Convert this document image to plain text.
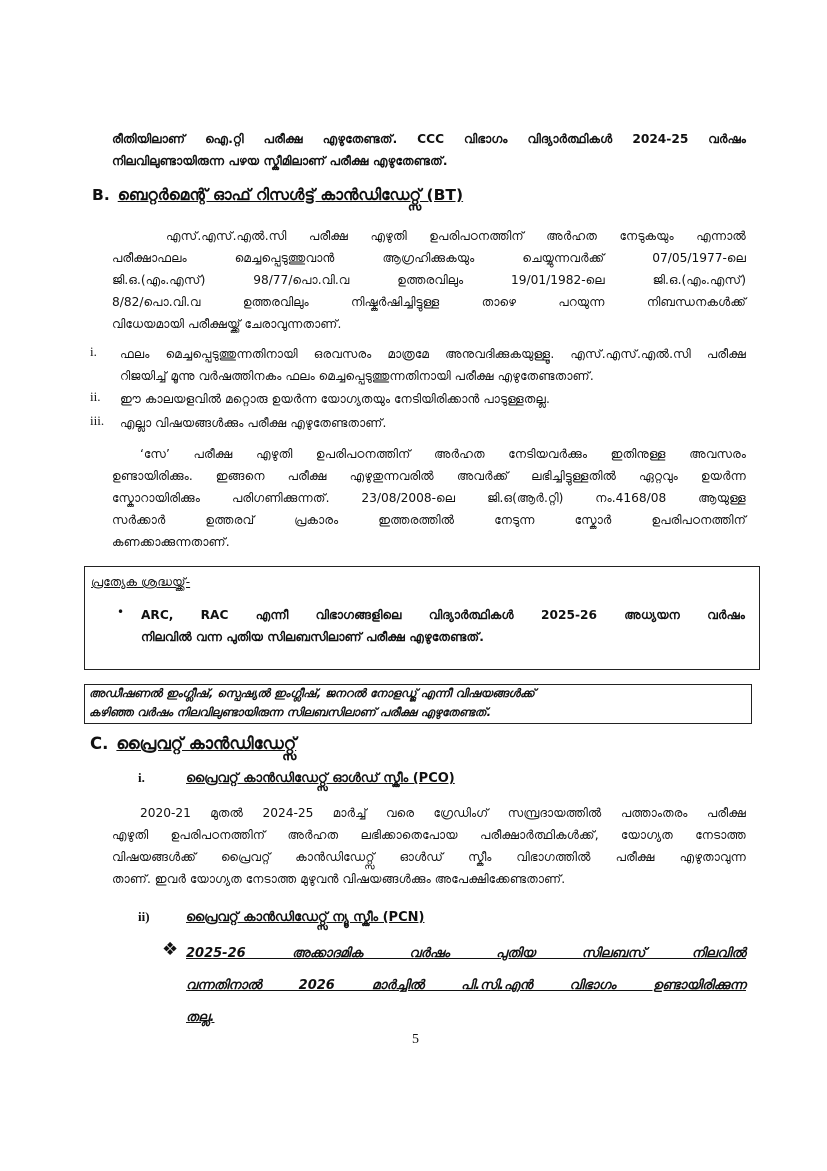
രീതിയിലാണ് ഐ.റ്റി പരീക്ഷ എഴുതേണ്ടത്. CCC വിഭാഗം വിദ്യാർത്ഥികൾ 2024-25 വർഷം
നിലവിലുണ്ടായിരുന്ന പഴയ സ്കീമിലാണ് പരീക്ഷ എഴുതേണ്ടത്.
B. ബെറ്റർമെന്റ് ഓഫ് റിസൾട്ട് കാൻഡിഡേറ്റ്സ് (BT)
എസ്.എസ്.എൽ.സി പരീക്ഷ എഴുതി ഉപരിപഠനത്തിന് അർഹത നേടുകയും എന്നാൽ
പരീക്ഷാഫലം മെച്ചപ്പെടുത്തുവാൻ ആഗ്രഹിക്കുകയും ചെയ്യുന്നവർക്ക് 07/05/1977-ലെ
ജി.ഒ.(എം.എസ്) 98/77/പൊ.വി.വ ഉത്തരവിലും 19/01/1982-ലെ ജി.ഒ.(എം.എസ്)
8/82/പൊ.വി.വ ഉത്തരവിലും നിഷ്കർഷിച്ചിട്ടുള്ള താഴെ പറയുന്ന നിബന്ധനകൾക്ക്
വിധേയമായി പരീക്ഷയ്ക്ക് ചേരാവുന്നതാണ്.
i. ഫലം മെച്ചപ്പെടുത്തുന്നതിനായി ഒരവസരം മാത്രമേ അനുവദിക്കുകയുള്ളൂ. എസ്.എസ്.എൽ.സി പരീക്ഷ
റിജയിച്ച് മൂന്നു വർഷത്തിനകം ഫലം മെച്ചപ്പെടുത്തുന്നതിനായി പരീക്ഷ എഴുതേണ്ടതാണ്.
ii. ഈ കാലയളവിൽ മറ്റൊരു ഉയർന്ന യോഗ്യതയും നേടിയിരിക്കാൻ പാടുള്ളതല്ല.
iii. എല്ലാ വിഷയങ്ങൾക്കും പരീക്ഷ എഴുതേണ്ടതാണ്.
‘സേ’ പരീക്ഷ എഴുതി ഉപരിപഠനത്തിന് അർഹത നേടിയവർക്കും ഇതിനുള്ള അവസരം
ഉണ്ടായിരിക്കും. ഇങ്ങനെ പരീക്ഷ എഴുതുന്നവരിൽ അവർക്ക് ലഭിച്ചിട്ടുള്ളതിൽ ഏറ്റവും ഉയർന്ന
സ്കോറായിരിക്കും പരിഗണിക്കുന്നത്. 23/08/2008-ലെ ജി.ഒ(ആർ.റ്റി) നം.4168/08 ആയുള്ള
സർക്കാർ ഉത്തരവ് പ്രകാരം ഇത്തരത്തിൽ നേടുന്ന സ്കോർ ഉപരിപഠനത്തിന്
കണക്കാക്കുന്നതാണ്.
പ്രത്യേക ശ്രദ്ധയ്ക്ക്-
• ARC, RAC എന്നീ വിഭാഗങ്ങളിലെ വിദ്യാർത്ഥികൾ 2025-26 അധ്യയന വർഷം
നിലവിൽ വന്ന പുതിയ സിലബസിലാണ് പരീക്ഷ എഴുതേണ്ടത്.
അഡീഷണൽ ഇംഗ്ലീഷ്, സ്പെഷ്യൽ ഇംഗ്ലീഷ്, ജനറൽ നോളഡ്ജ് എന്നീ വിഷയങ്ങൾക്ക്
കഴിഞ്ഞ വർഷം നിലവിലുണ്ടായിരുന്ന സിലബസിലാണ് പരീക്ഷ എഴുതേണ്ടത്.
C. പ്രൈവറ്റ് കാൻഡിഡേറ്റ്സ്
i.	പ്രൈവറ്റ് കാൻഡിഡേറ്റ്സ് ഓൾഡ് സ്കീം (PCO)
2020-21 മുതൽ 2024-25 മാർച്ച് വരെ ഗ്രേഡിംഗ് സമ്പ്രദായത്തിൽ പത്താംതരം പരീക്ഷ
എഴുതി ഉപരിപഠനത്തിന് അർഹത ലഭിക്കാതെപോയ പരീക്ഷാർത്ഥികൾക്ക്, യോഗ്യത നേടാത്ത
വിഷയങ്ങൾക്ക് പ്രൈവറ്റ് കാൻഡിഡേറ്റ്സ് ഓൾഡ് സ്കീം വിഭാഗത്തിൽ പരീക്ഷ എഴുതാവുന്ന
താണ്. ഇവർ യോഗ്യത നേടാത്ത മുഴുവൻ വിഷയങ്ങൾക്കും അപേക്ഷിക്കേണ്ടതാണ്.
ii)	പ്രൈവറ്റ് കാൻഡിഡേറ്റ്സ് ന്യൂ സ്കീം (PCN)
❖ 2025-26 അക്കാദമിക വർഷം പുതിയ സിലബസ് നിലവിൽ
വന്നതിനാൽ 2026 മാർച്ചിൽ പി.സി.എൻ വിഭാഗം ഉണ്ടായിരിക്കുന്ന
തല്ല.
5
